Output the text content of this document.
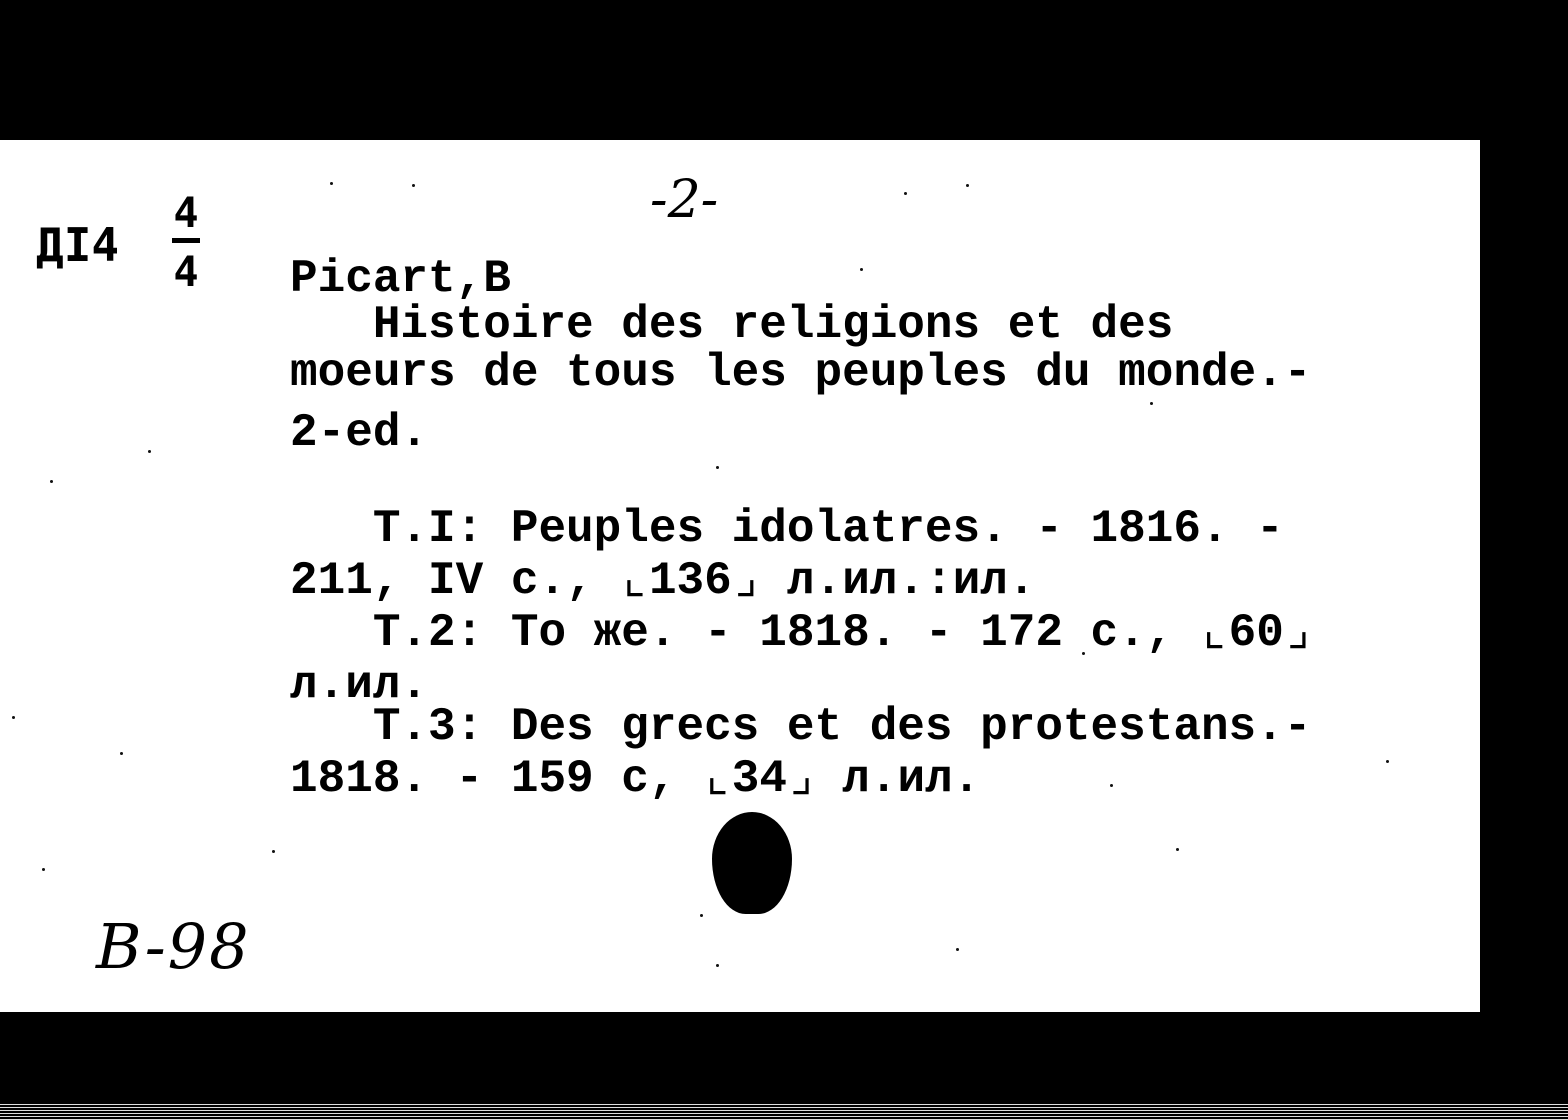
ДI4
4
4
-2-
Picart,B
Histoire des religions et des
moeurs de tous les peuples du monde.-
2-ed.
T.I: Peuples idolatres. - 1816. -
211, IV c., ⌞136⌟ л.ил.:ил.
T.2: To же. - 1818. - 172 c., ⌞60⌟
л.ил.
T.3: Des grecs et des protestans.-
1818. - 159 c, ⌞34⌟ л.ил.
B-98
